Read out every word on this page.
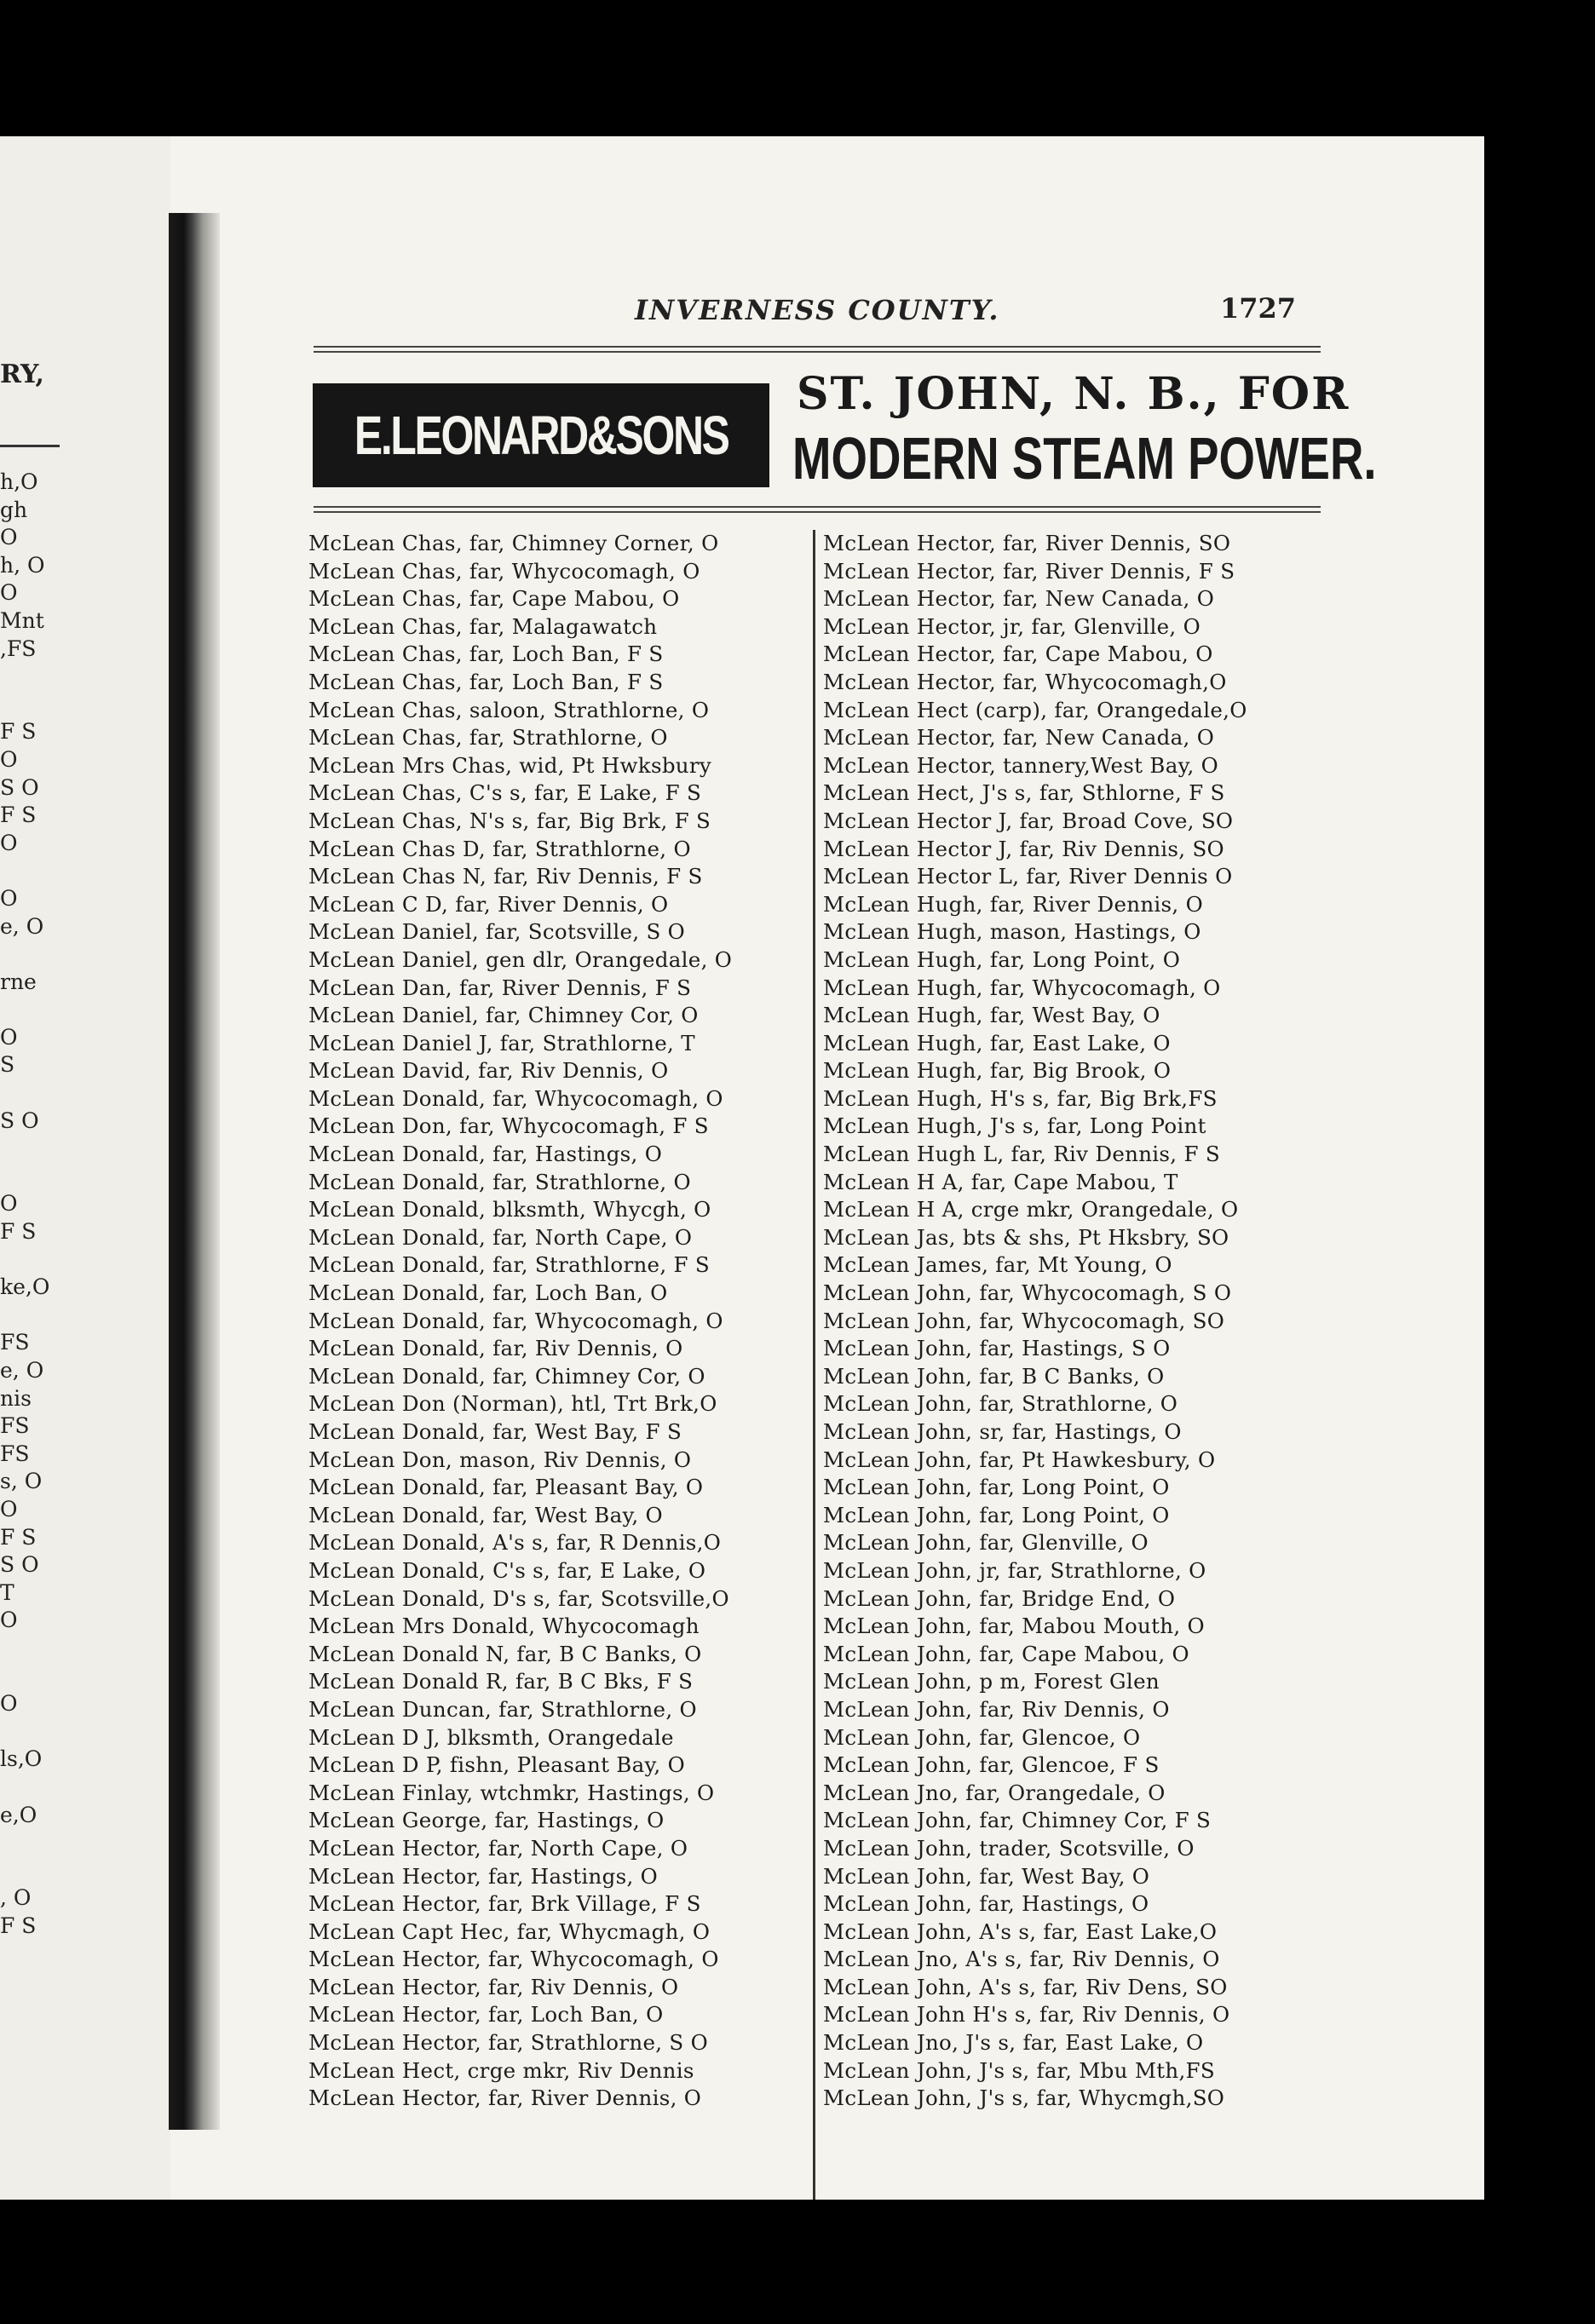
RY,
h,O
gh
O
h, O
O
Mnt
,FS
F S
O
S O
F S
O
O
e, O
rne
O
S
S O
O
F S
ke,O
FS
e, O
nis
FS
FS
s, O
O
F S
S O
T
O
O
ls,O
e,O
, O
F S
INVERNESS COUNTY.	1727
E.LEONARD&SONS
ST. JOHN, N. B., FOR
MODERN STEAM POWER.
McLean Chas, far, Chimney Corner, O
McLean Chas, far, Whycocomagh, O
McLean Chas, far, Cape Mabou, O
McLean Chas, far, Malagawatch
McLean Chas, far, Loch Ban, F S
McLean Chas, far, Loch Ban, F S
McLean Chas, saloon, Strathlorne, O
McLean Chas, far, Strathlorne, O
McLean Mrs Chas, wid, Pt Hwksbury
McLean Chas, C's s, far, E Lake, F S
McLean Chas, N's s, far, Big Brk, F S
McLean Chas D, far, Strathlorne, O
McLean Chas N, far, Riv Dennis, F S
McLean C D, far, River Dennis, O
McLean Daniel, far, Scotsville, S O
McLean Daniel, gen dlr, Orangedale, O
McLean Dan, far, River Dennis, F S
McLean Daniel, far, Chimney Cor, O
McLean Daniel J, far, Strathlorne, T
McLean David, far, Riv Dennis, O
McLean Donald, far, Whycocomagh, O
McLean Don, far, Whycocomagh, F S
McLean Donald, far, Hastings, O
McLean Donald, far, Strathlorne, O
McLean Donald, blksmth, Whycgh, O
McLean Donald, far, North Cape, O
McLean Donald, far, Strathlorne, F S
McLean Donald, far, Loch Ban, O
McLean Donald, far, Whycocomagh, O
McLean Donald, far, Riv Dennis, O
McLean Donald, far, Chimney Cor, O
McLean Don (Norman), htl, Trt Brk,O
McLean Donald, far, West Bay, F S
McLean Don, mason, Riv Dennis, O
McLean Donald, far, Pleasant Bay, O
McLean Donald, far, West Bay, O
McLean Donald, A's s, far, R Dennis,O
McLean Donald, C's s, far, E Lake, O
McLean Donald, D's s, far, Scotsville,O
McLean Mrs Donald, Whycocomagh
McLean Donald N, far, B C Banks, O
McLean Donald R, far, B C Bks, F S
McLean Duncan, far, Strathlorne, O
McLean D J, blksmth, Orangedale
McLean D P, fishn, Pleasant Bay, O
McLean Finlay, wtchmkr, Hastings, O
McLean George, far, Hastings, O
McLean Hector, far, North Cape, O
McLean Hector, far, Hastings, O
McLean Hector, far, Brk Village, F S
McLean Capt Hec, far, Whycmagh, O
McLean Hector, far, Whycocomagh, O
McLean Hector, far, Riv Dennis, O
McLean Hector, far, Loch Ban, O
McLean Hector, far, Strathlorne, S O
McLean Hect, crge mkr, Riv Dennis
McLean Hector, far, River Dennis, O
McLean Hector, far, River Dennis, SO
McLean Hector, far, River Dennis, F S
McLean Hector, far, New Canada, O
McLean Hector, jr, far, Glenville, O
McLean Hector, far, Cape Mabou, O
McLean Hector, far, Whycocomagh,O
McLean Hect (carp), far, Orangedale,O
McLean Hector, far, New Canada, O
McLean Hector, tannery,West Bay, O
McLean Hect, J's s, far, Sthlorne, F S
McLean Hector J, far, Broad Cove, SO
McLean Hector J, far, Riv Dennis, SO
McLean Hector L, far, River Dennis O
McLean Hugh, far, River Dennis, O
McLean Hugh, mason, Hastings, O
McLean Hugh, far, Long Point, O
McLean Hugh, far, Whycocomagh, O
McLean Hugh, far, West Bay, O
McLean Hugh, far, East Lake, O
McLean Hugh, far, Big Brook, O
McLean Hugh, H's s, far, Big Brk,FS
McLean Hugh, J's s, far, Long Point
McLean Hugh L, far, Riv Dennis, F S
McLean H A, far, Cape Mabou, T
McLean H A, crge mkr, Orangedale, O
McLean Jas, bts & shs, Pt Hksbry, SO
McLean James, far, Mt Young, O
McLean John, far, Whycocomagh, S O
McLean John, far, Whycocomagh, SO
McLean John, far, Hastings, S O
McLean John, far, B C Banks, O
McLean John, far, Strathlorne, O
McLean John, sr, far, Hastings, O
McLean John, far, Pt Hawkesbury, O
McLean John, far, Long Point, O
McLean John, far, Long Point, O
McLean John, far, Glenville, O
McLean John, jr, far, Strathlorne, O
McLean John, far, Bridge End, O
McLean John, far, Mabou Mouth, O
McLean John, far, Cape Mabou, O
McLean John, p m, Forest Glen
McLean John, far, Riv Dennis, O
McLean John, far, Glencoe, O
McLean John, far, Glencoe, F S
McLean Jno, far, Orangedale, O
McLean John, far, Chimney Cor, F S
McLean John, trader, Scotsville, O
McLean John, far, West Bay, O
McLean John, far, Hastings, O
McLean John, A's s, far, East Lake,O
McLean Jno, A's s, far, Riv Dennis, O
McLean John, A's s, far, Riv Dens, SO
McLean John H's s, far, Riv Dennis, O
McLean Jno, J's s, far, East Lake, O
McLean John, J's s, far, Mbu Mth,FS
McLean John, J's s, far, Whycmgh,SO
